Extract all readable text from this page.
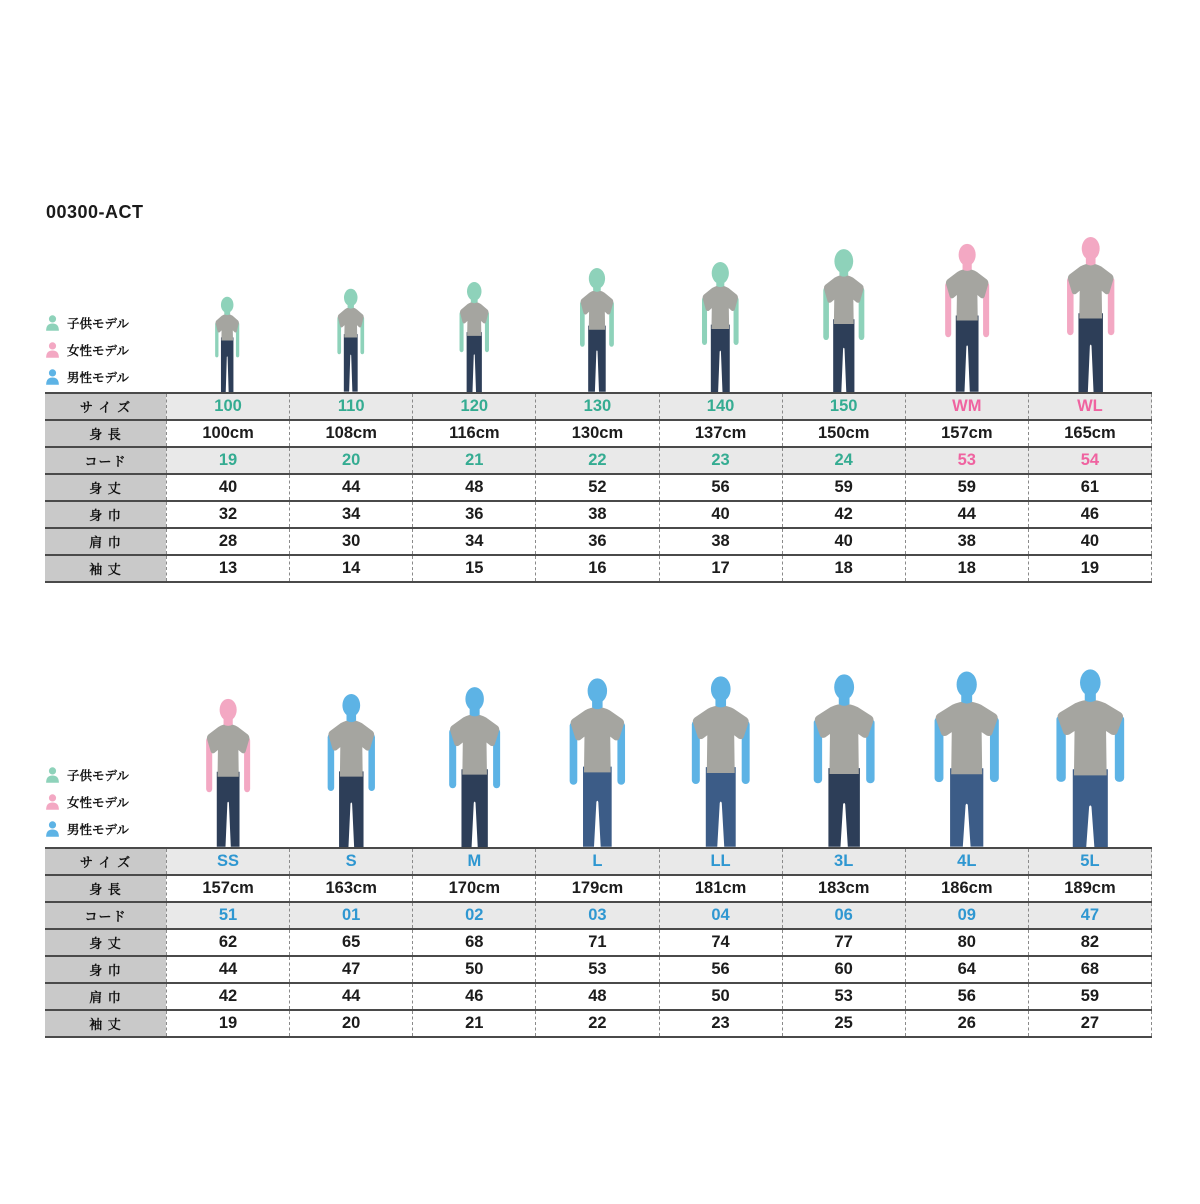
00300-ACT
子供モデル
女性モデル
男性モデル
サ イ ズ	100	110	120	130	140	150	WM	WL
身 長	100cm	108cm	116cm	130cm	137cm	150cm	157cm	165cm
コード	19	20	21	22	23	24	53	54
身 丈	40	44	48	52	56	59	59	61
身 巾	32	34	36	38	40	42	44	46
肩 巾	28	30	34	36	38	40	38	40
袖 丈	13	14	15	16	17	18	18	19
子供モデル
女性モデル
男性モデル
サ イ ズ	SS	S	M	L	LL	3L	4L	5L
身 長	157cm	163cm	170cm	179cm	181cm	183cm	186cm	189cm
コード	51	01	02	03	04	06	09	47
身 丈	62	65	68	71	74	77	80	82
身 巾	44	47	50	53	56	60	64	68
肩 巾	42	44	46	48	50	53	56	59
袖 丈	19	20	21	22	23	25	26	27
